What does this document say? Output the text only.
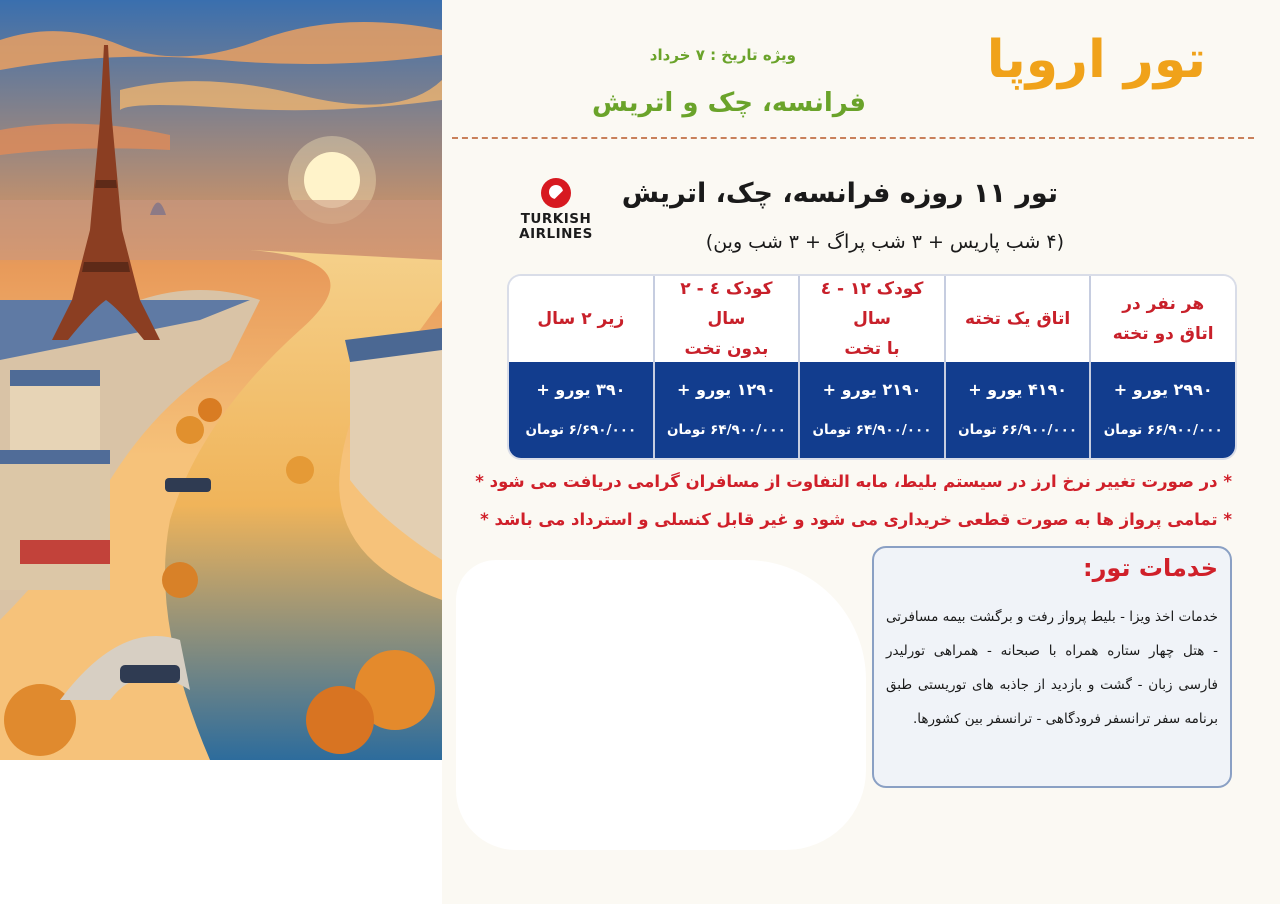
تور اروپا
ویژه تاریخ : ۷ خرداد
فرانسه، چک و اتریش
TURKISH
AIRLINES
تور ۱۱ روزه فرانسه، چک، اتریش
(۴ شب پاریس + ۳ شب پراگ + ۳ شب وین)
هر نفر در
اتاق دو تخته
۲۹۹۰ یورو +
۶۶/۹۰۰/۰۰۰ تومان
اتاق یک تخته
۴۱۹۰ یورو +
۶۶/۹۰۰/۰۰۰ تومان
کودک ۱۲ - ٤ سال
با تخت
۲۱۹۰ یورو +
۶۴/۹۰۰/۰۰۰ تومان
کودک ٤ - ۲ سال
بدون تخت
۱۲۹۰ یورو +
۶۴/۹۰۰/۰۰۰ تومان
زیر ۲ سال
۳۹۰ یورو +
۶/۶۹۰/۰۰۰ تومان
* در صورت تغییر نرخ ارز در سیستم بلیط، مابه التفاوت از مسافران گرامی دریافت می شود *
* تمامی پرواز ها به صورت قطعی خریداری می شود و غیر قابل کنسلی و استرداد می باشد *
خدمات تور:
خدمات اخذ ویزا - بلیط پرواز رفت و برگشت بیمه مسافرتی - هتل چهار ستاره همراه با صبحانه - همراهی تورلیدر فارسی زبان - گشت و بازدید از جاذبه های توریستی طبق برنامه سفر ترانسفر فرودگاهی - ترانسفر بین کشورها.
